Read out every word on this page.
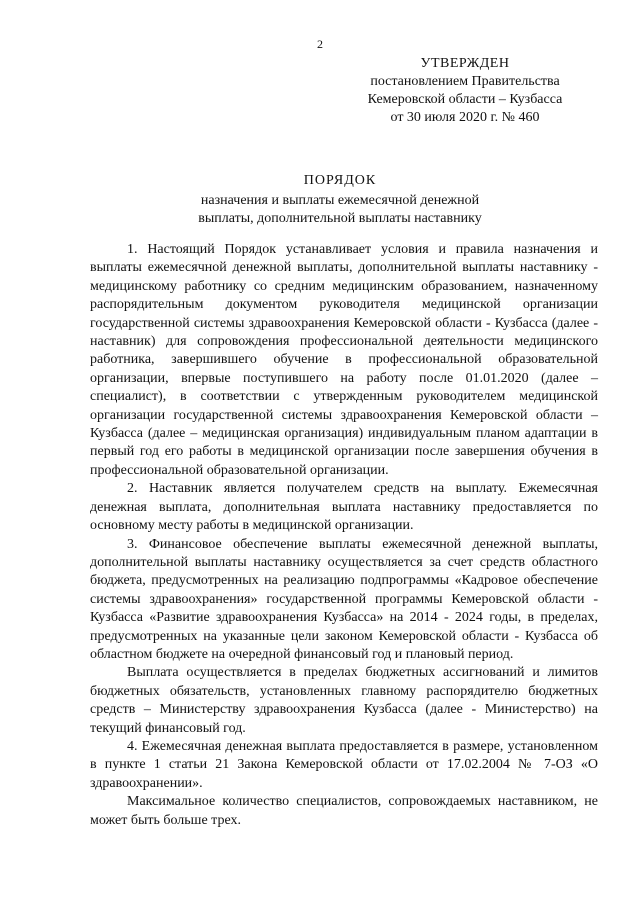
2
УТВЕРЖДЕН
постановлением Правительства
Кемеровской области – Кузбасса
от 30 июля 2020 г. № 460
ПОРЯДОК
назначения и выплаты ежемесячной денежной
выплаты, дополнительной выплаты наставнику

1. Настоящий Порядок устанавливает условия и правила назначения и выплаты ежемесячной денежной выплаты, дополнительной выплаты наставнику - медицинскому работнику со средним медицинским образованием, назначенному распорядительным документом руководителя медицинской организации государственной системы здравоохранения Кемеровской области - Кузбасса (далее - наставник) для сопровождения профессиональной деятельности медицинского работника, завершившего обучение в профессиональной образовательной организации, впервые поступившего на работу после 01.01.2020 (далее – специалист), в соответствии с утвержденным руководителем медицинской организации государственной системы здравоохранения Кемеровской области – Кузбасса (далее – медицинская организация) индивидуальным планом адаптации в первый год его работы в медицинской организации после завершения обучения в профессиональной образовательной организации.

2. Наставник является получателем средств на выплату. Ежемесячная денежная выплата, дополнительная выплата наставнику предоставляется по основному месту работы в медицинской организации.

3. Финансовое обеспечение выплаты ежемесячной денежной выплаты, дополнительной выплаты наставнику осуществляется за счет средств областного бюджета, предусмотренных на реализацию подпрограммы «Кадровое обеспечение системы здравоохранения» государственной программы Кемеровской области - Кузбасса «Развитие здравоохранения Кузбасса» на 2014 - 2024 годы, в пределах, предусмотренных на указанные цели законом Кемеровской области - Кузбасса об областном бюджете на очередной финансовый год и плановый период.

Выплата осуществляется в пределах бюджетных ассигнований и лимитов бюджетных обязательств, установленных главному распорядителю бюджетных средств – Министерству здравоохранения Кузбасса (далее - Министерство) на текущий финансовый год.

4. Ежемесячная денежная выплата предоставляется в размере, установленном в пункте 1 статьи 21 Закона Кемеровской области от 17.02.2004 № 7-ОЗ «О здравоохранении».

Максимальное количество специалистов, сопровождаемых наставником, не может быть больше трех.
